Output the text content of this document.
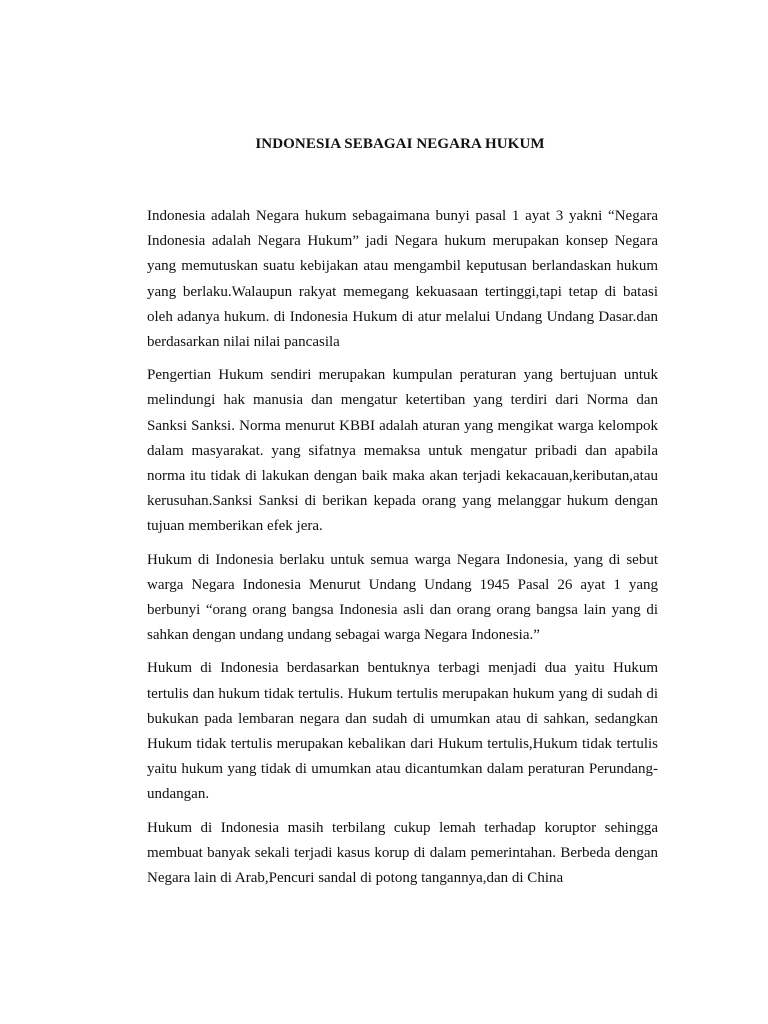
INDONESIA SEBAGAI NEGARA HUKUM

Indonesia adalah Negara hukum sebagaimana bunyi pasal 1 ayat 3 yakni “Negara Indonesia adalah Negara Hukum” jadi Negara hukum merupakan konsep Negara yang memutuskan suatu kebijakan atau mengambil keputusan berlandaskan hukum yang berlaku.Walaupun rakyat memegang kekuasaan tertinggi,tapi tetap di batasi oleh adanya hukum. di Indonesia Hukum di atur melalui Undang Undang Dasar.dan berdasarkan nilai nilai pancasila

Pengertian Hukum sendiri merupakan kumpulan peraturan yang bertujuan untuk melindungi hak manusia dan mengatur ketertiban yang terdiri dari Norma dan Sanksi Sanksi. Norma menurut KBBI adalah aturan yang mengikat warga kelompok dalam masyarakat. yang sifatnya memaksa untuk mengatur pribadi dan apabila norma itu tidak di lakukan dengan baik maka akan terjadi kekacauan,keributan,atau kerusuhan.Sanksi Sanksi di berikan kepada orang yang melanggar hukum dengan tujuan memberikan efek jera.

Hukum di Indonesia berlaku untuk semua warga Negara Indonesia, yang di sebut warga Negara Indonesia Menurut Undang Undang 1945 Pasal 26 ayat 1 yang berbunyi “orang orang bangsa Indonesia asli dan orang orang bangsa lain yang di sahkan dengan undang undang sebagai warga Negara Indonesia.”

Hukum di Indonesia berdasarkan bentuknya terbagi menjadi dua yaitu Hukum tertulis dan hukum tidak tertulis. Hukum tertulis merupakan hukum yang di sudah di bukukan pada lembaran negara dan sudah di umumkan atau di sahkan, sedangkan Hukum tidak tertulis merupakan kebalikan dari Hukum tertulis,Hukum tidak tertulis yaitu hukum yang tidak di umumkan atau dicantumkan dalam peraturan Perundang-undangan.

Hukum di Indonesia masih terbilang cukup lemah terhadap koruptor sehingga membuat banyak sekali terjadi kasus korup di dalam pemerintahan. Berbeda dengan Negara lain di Arab,Pencuri sandal di potong tangannya,dan di China
